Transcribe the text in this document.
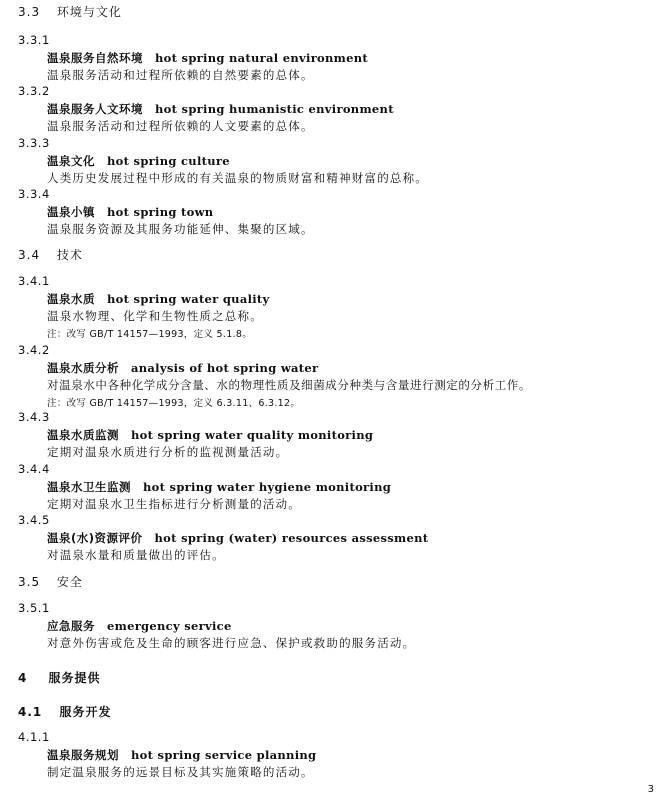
3.3 环境与文化
3.3.1
温泉服务自然环境 hot spring natural environment
温泉服务活动和过程所依赖的自然要素的总体。
3.3.2
温泉服务人文环境 hot spring humanistic environment
温泉服务活动和过程所依赖的人文要素的总体。
3.3.3
温泉文化 hot spring culture
人类历史发展过程中形成的有关温泉的物质财富和精神财富的总称。
3.3.4
温泉小镇 hot spring town
温泉服务资源及其服务功能延伸、集聚的区域。
3.4 技术
3.4.1
温泉水质 hot spring water quality
温泉水物理、化学和生物性质之总称。
注：改写 GB/T 14157—1993，定义 5.1.8。
3.4.2
温泉水质分析 analysis of hot spring water
对温泉水中各种化学成分含量、水的物理性质及细菌成分种类与含量进行测定的分析工作。
注：改写 GB/T 14157—1993，定义 6.3.11、6.3.12。
3.4.3
温泉水质监测 hot spring water quality monitoring
定期对温泉水质进行分析的监视测量活动。
3.4.4
温泉水卫生监测 hot spring water hygiene monitoring
定期对温泉水卫生指标进行分析测量的活动。
3.4.5
温泉(水)资源评价 hot spring (water) resources assessment
对温泉水量和质量做出的评估。
3.5 安全
3.5.1
应急服务 emergency service
对意外伤害或危及生命的顾客进行应急、保护或救助的服务活动。
4 服务提供
4.1 服务开发
4.1.1
温泉服务规划 hot spring service planning
制定温泉服务的远景目标及其实施策略的活动。
3
